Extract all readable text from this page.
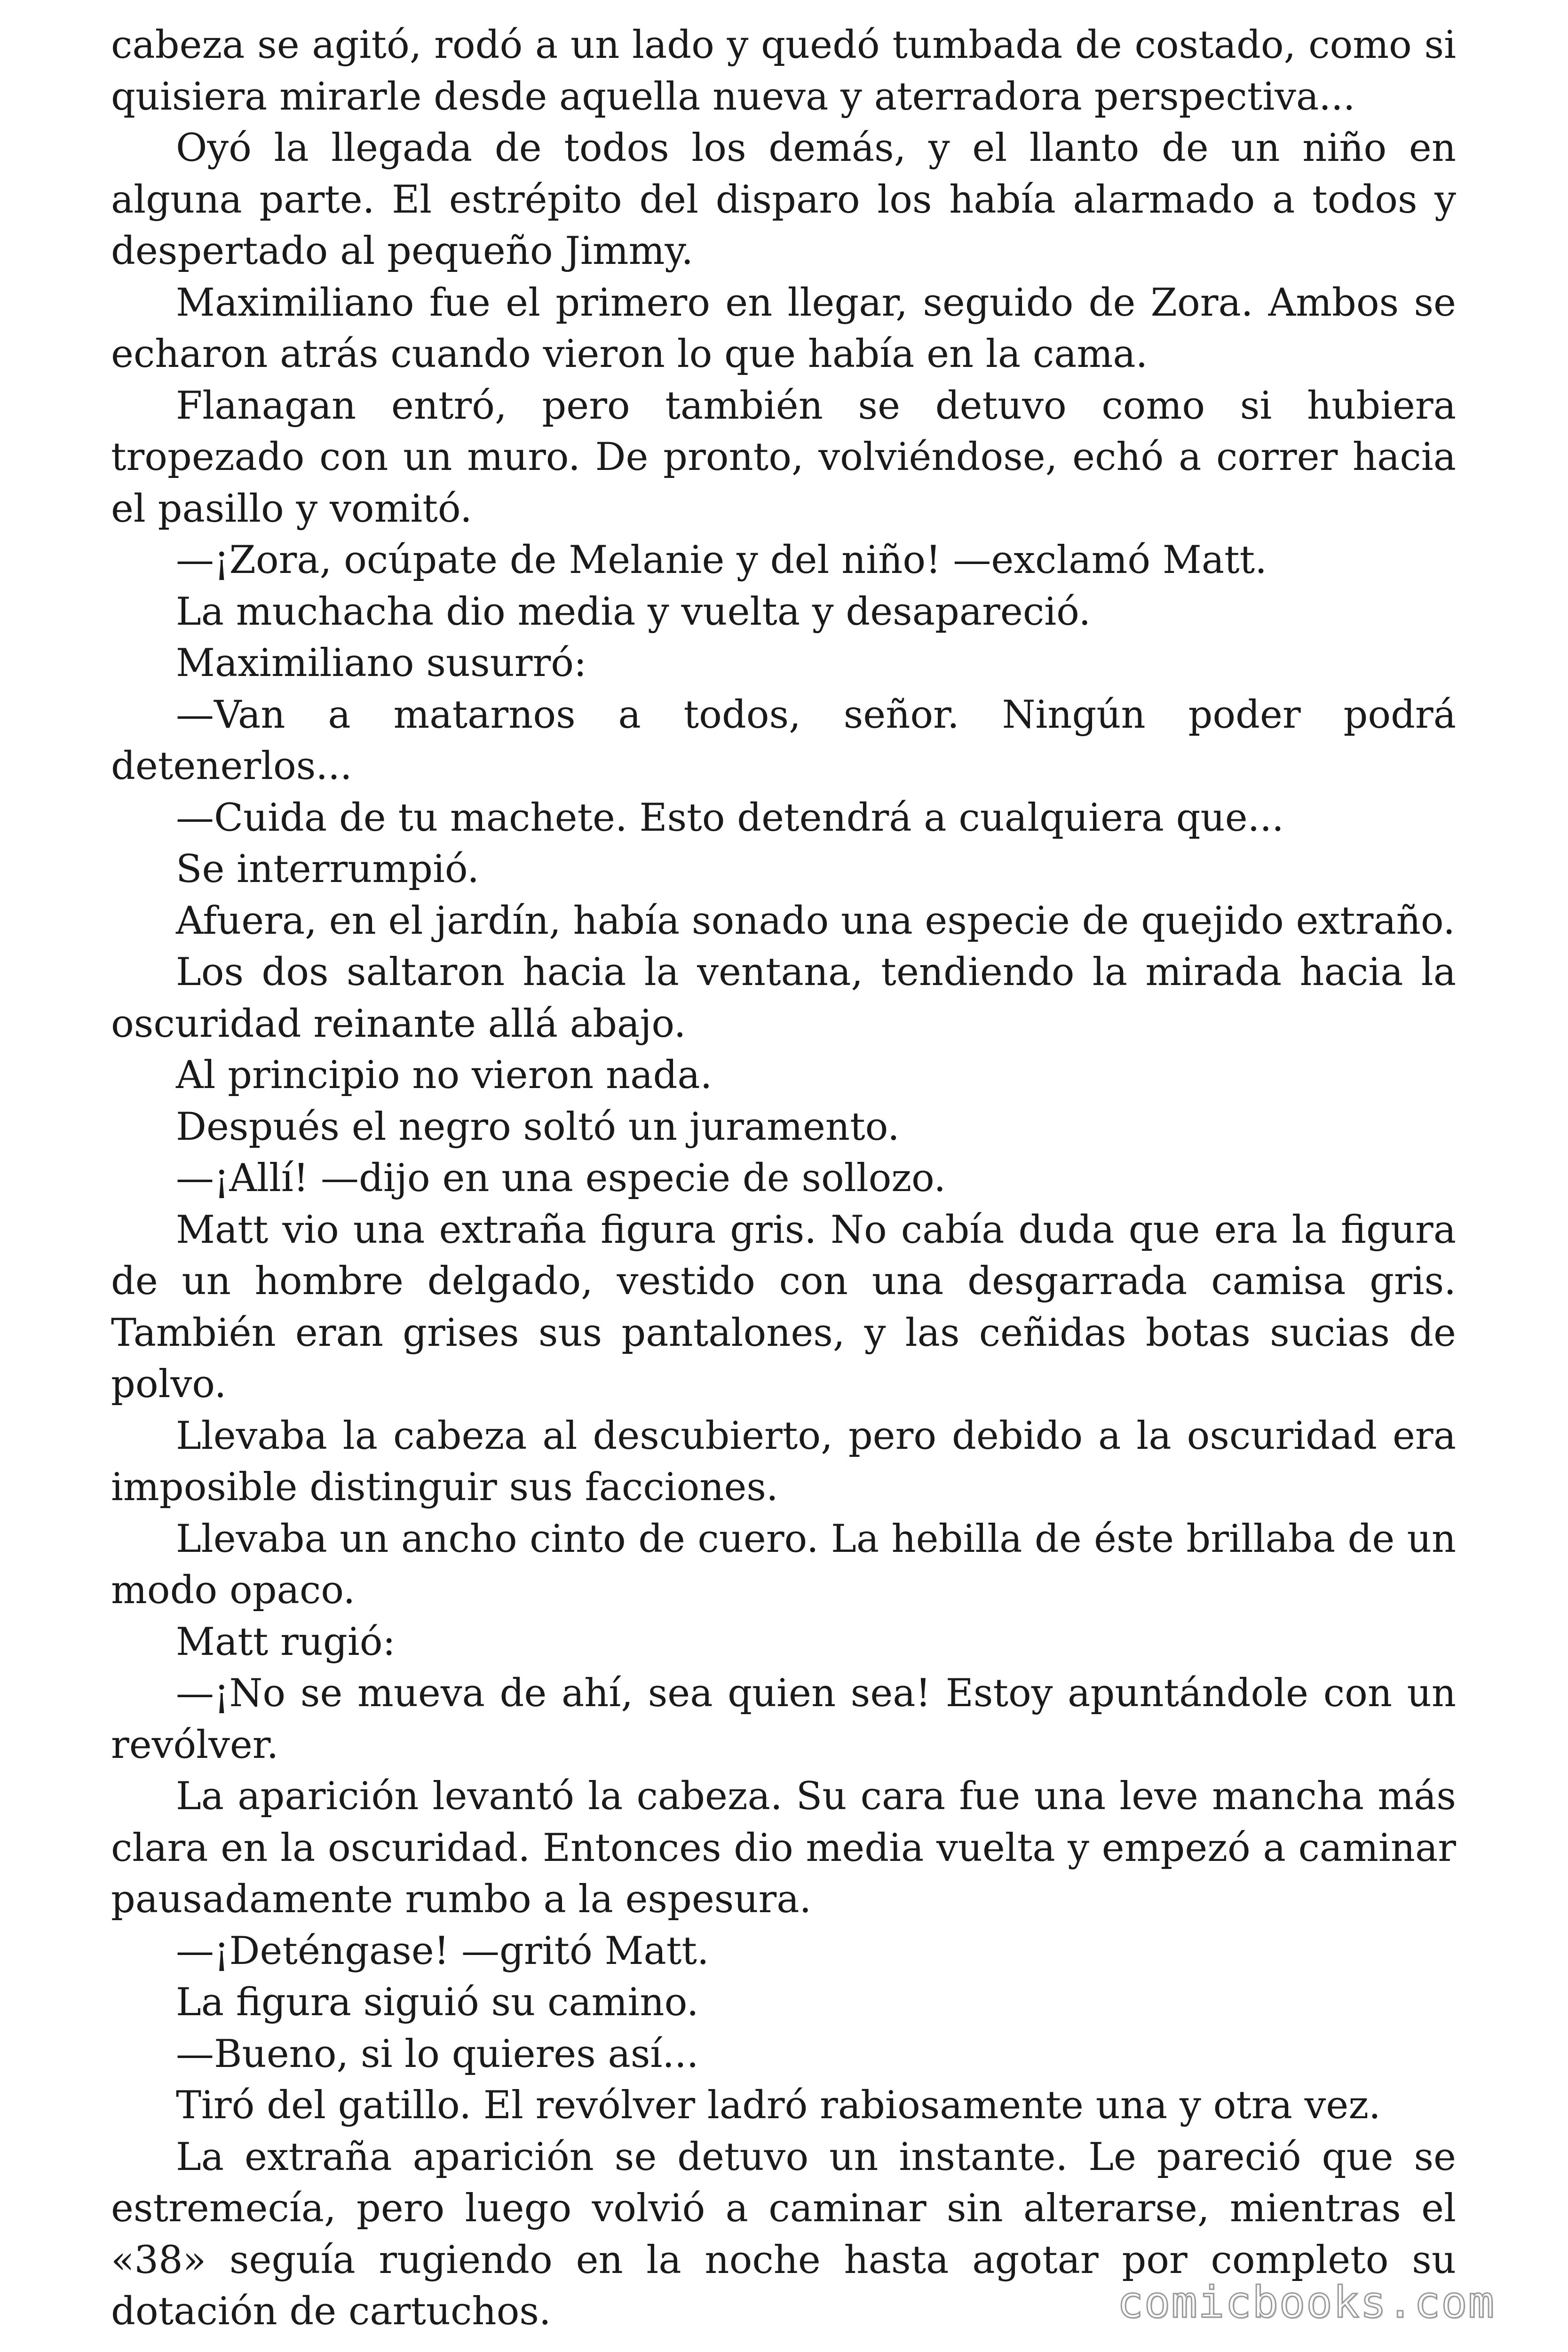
cabeza se agitó, rodó a un lado y quedó tumbada de costado, como si quisiera mirarle desde aquella nueva y aterradora perspectiva...

Oyó la llegada de todos los demás, y el llanto de un niño en alguna parte. El estrépito del disparo los había alarmado a todos y despertado al pequeño Jimmy.

Maximiliano fue el primero en llegar, seguido de Zora. Ambos se echaron atrás cuando vieron lo que había en la cama.

Flanagan entró, pero también se detuvo como si hubiera tropezado con un muro. De pronto, volviéndose, echó a correr hacia el pasillo y vomitó.

—¡Zora, ocúpate de Melanie y del niño! —exclamó Matt.

La muchacha dio media y vuelta y desapareció.

Maximiliano susurró:

—Van a matarnos a todos, señor. Ningún poder podrá detenerlos...

—Cuida de tu machete. Esto detendrá a cualquiera que...

Se interrumpió.

Afuera, en el jardín, había sonado una especie de quejido extraño.

Los dos saltaron hacia la ventana, tendiendo la mirada hacia la oscuridad reinante allá abajo.

Al principio no vieron nada.

Después el negro soltó un juramento.

—¡Allí! —dijo en una especie de sollozo.

Matt vio una extraña figura gris. No cabía duda que era la figura de un hombre delgado, vestido con una desgarrada camisa gris. También eran grises sus pantalones, y las ceñidas botas sucias de polvo.

Llevaba la cabeza al descubierto, pero debido a la oscuridad era imposible distinguir sus facciones.

Llevaba un ancho cinto de cuero. La hebilla de éste brillaba de un modo opaco.

Matt rugió:

—¡No se mueva de ahí, sea quien sea! Estoy apuntándole con un revólver.

La aparición levantó la cabeza. Su cara fue una leve mancha más clara en la oscuridad. Entonces dio media vuelta y empezó a caminar pausadamente rumbo a la espesura.

—¡Deténgase! —gritó Matt.

La figura siguió su camino.

—Bueno, si lo quieres así...

Tiró del gatillo. El revólver ladró rabiosamente una y otra vez.

La extraña aparición se detuvo un instante. Le pareció que se estremecía, pero luego volvió a caminar sin alterarse, mientras el «38» seguía rugiendo en la noche hasta agotar por completo su dotación de cartuchos.	comicbooks.com
